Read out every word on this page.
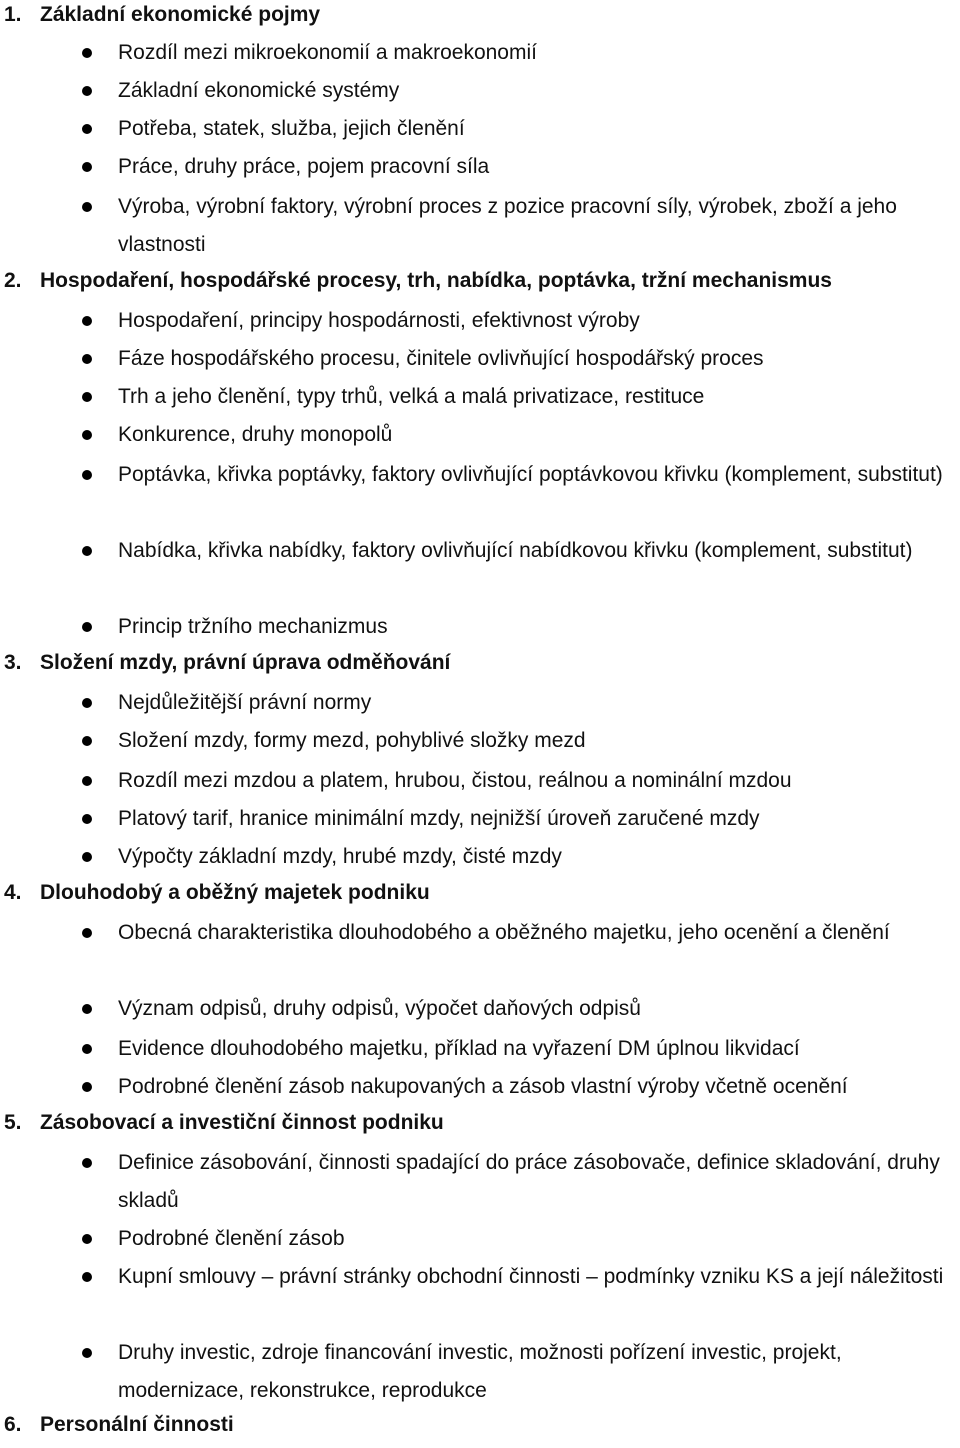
1. Základní ekonomické pojmy
Rozdíl mezi mikroekonomií a makroekonomií
Základní ekonomické systémy
Potřeba, statek, služba, jejich členění
Práce, druhy práce, pojem pracovní síla
Výroba, výrobní faktory, výrobní proces z pozice pracovní síly, výrobek, zboží a jeho vlastnosti
2. Hospodaření, hospodářské procesy, trh, nabídka, poptávka, tržní mechanismus
Hospodaření, principy hospodárnosti, efektivnost výroby
Fáze hospodářského procesu, činitele ovlivňující hospodářský proces
Trh a jeho členění, typy trhů, velká a malá privatizace, restituce
Konkurence, druhy monopolů
Poptávka, křivka poptávky, faktory ovlivňující poptávkovou křivku (komplement, substitut)
Nabídka, křivka nabídky, faktory ovlivňující nabídkovou křivku (komplement, substitut)
Princip tržního mechanizmus
3. Složení mzdy, právní úprava odměňování
Nejdůležitější právní normy
Složení mzdy, formy mezd, pohyblivé složky mezd
Rozdíl mezi mzdou a platem, hrubou, čistou, reálnou a nominální mzdou
Platový tarif, hranice minimální mzdy, nejnižší úroveň zaručené mzdy
Výpočty základní mzdy, hrubé mzdy, čisté mzdy
4. Dlouhodobý a oběžný majetek podniku
Obecná charakteristika dlouhodobého a oběžného majetku, jeho ocenění a členění
Význam odpisů, druhy odpisů, výpočet daňových odpisů
Evidence dlouhodobého majetku, příklad na vyřazení DM úplnou likvidací
Podrobné členění zásob nakupovaných a zásob vlastní výroby včetně ocenění
5. Zásobovací a investiční činnost podniku
Definice zásobování, činnosti spadající do práce zásobovače, definice skladování, druhy skladů
Podrobné členění zásob
Kupní smlouvy – právní stránky obchodní činnosti – podmínky vzniku KS a její náležitosti
Druhy investic, zdroje financování investic, možnosti pořízení investic, projekt, modernizace, rekonstrukce, reprodukce
6. Personální činnosti
